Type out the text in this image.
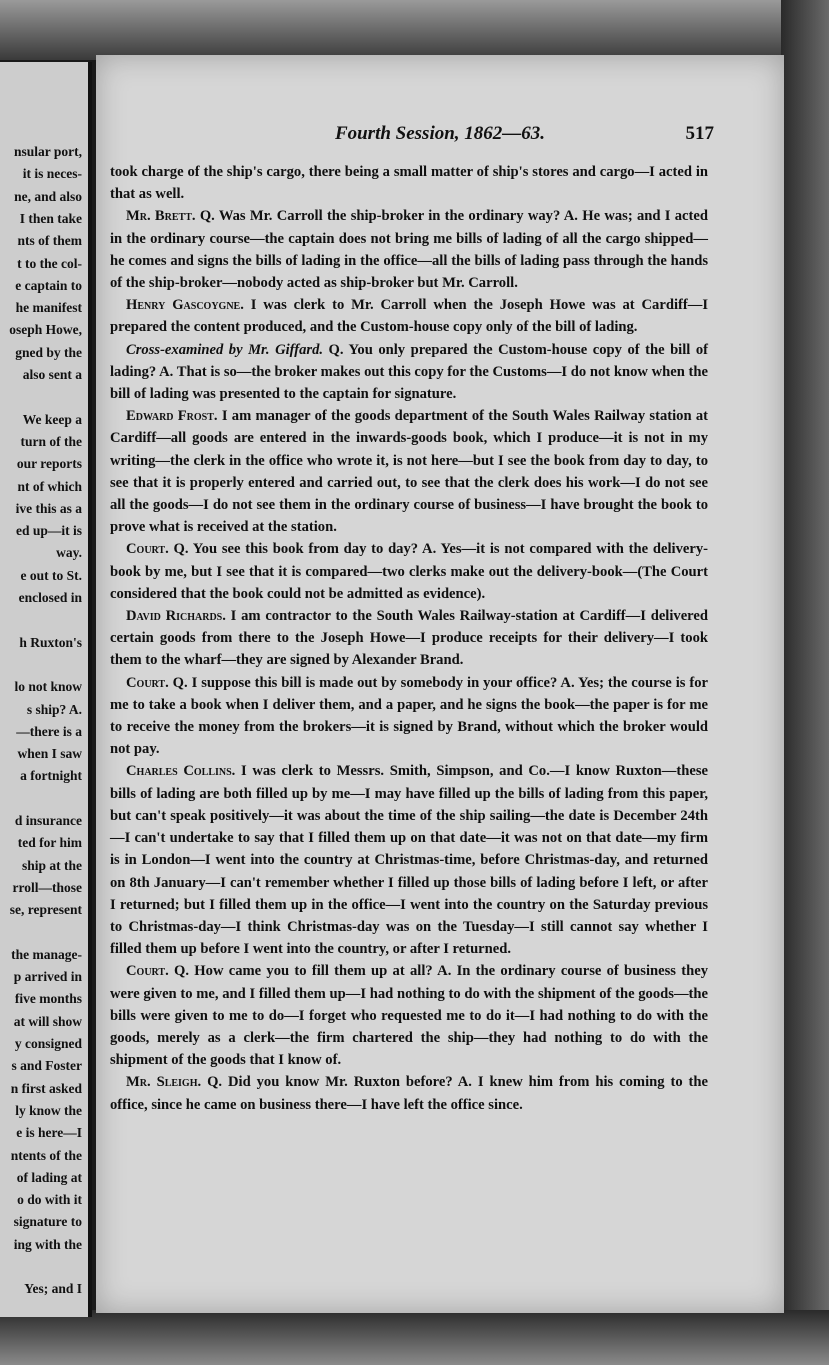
nsular port,
it is neces-
ne, and also
I then take
nts of them
t to the col-
e captain to
he manifest
oseph Howe,
gned by the
also sent a
We keep a
turn of the
our reports
nt of which
ive this as a
ed up—it is
way.
e out to St.
enclosed in
h Ruxton's
lo not know
s ship? A.
—there is a
when I saw
a fortnight
d insurance
ted for him
ship at the
rroll—those
se, represent
the manage-
p arrived in
five months
at will show
y consigned
s and Foster
n first asked
ly know the
e is here—I
ntents of the
of lading at
o do with it
signature to
ing with the
Yes; and I
Fourth Session, 1862—63.	517

took charge of the ship's cargo, there being a small matter of ship's stores and cargo—I acted in that as well.

Mr. Brett. Q. Was Mr. Carroll the ship-broker in the ordinary way? A. He was; and I acted in the ordinary course—the captain does not bring me bills of lading of all the cargo shipped—he comes and signs the bills of lading in the office—all the bills of lading pass through the hands of the ship-broker—nobody acted as ship-broker but Mr. Carroll.

Henry Gascoygne. I was clerk to Mr. Carroll when the Joseph Howe was at Cardiff—I prepared the content produced, and the Custom-house copy only of the bill of lading.

Cross-examined by Mr. Giffard. Q. You only prepared the Custom-house copy of the bill of lading? A. That is so—the broker makes out this copy for the Customs—I do not know when the bill of lading was presented to the captain for signature.

Edward Frost. I am manager of the goods department of the South Wales Railway station at Cardiff—all goods are entered in the inwards-goods book, which I produce—it is not in my writing—the clerk in the office who wrote it, is not here—but I see the book from day to day, to see that it is properly entered and carried out, to see that the clerk does his work—I do not see all the goods—I do not see them in the ordinary course of business—I have brought the book to prove what is received at the station.

Court. Q. You see this book from day to day? A. Yes—it is not compared with the delivery-book by me, but I see that it is compared—two clerks make out the delivery-book—(The Court considered that the book could not be admitted as evidence).

David Richards. I am contractor to the South Wales Railway-station at Cardiff—I delivered certain goods from there to the Joseph Howe—I produce receipts for their delivery—I took them to the wharf—they are signed by Alexander Brand.

Court. Q. I suppose this bill is made out by somebody in your office? A. Yes; the course is for me to take a book when I deliver them, and a paper, and he signs the book—the paper is for me to receive the money from the brokers—it is signed by Brand, without which the broker would not pay.

Charles Collins. I was clerk to Messrs. Smith, Simpson, and Co.—I know Ruxton—these bills of lading are both filled up by me—I may have filled up the bills of lading from this paper, but can't speak positively—it was about the time of the ship sailing—the date is December 24th—I can't undertake to say that I filled them up on that date—it was not on that date—my firm is in London—I went into the country at Christmas-time, before Christmas-day, and returned on 8th January—I can't remember whether I filled up those bills of lading before I left, or after I returned; but I filled them up in the office—I went into the country on the Saturday previous to Christmas-day—I think Christmas-day was on the Tuesday—I still cannot say whether I filled them up before I went into the country, or after I returned.

Court. Q. How came you to fill them up at all? A. In the ordinary course of business they were given to me, and I filled them up—I had nothing to do with the shipment of the goods—the bills were given to me to do—I forget who requested me to do it—I had nothing to do with the goods, merely as a clerk—the firm chartered the ship—they had nothing to do with the shipment of the goods that I know of.

Mr. Sleigh. Q. Did you know Mr. Ruxton before? A. I knew him from his coming to the office, since he came on business there—I have left the office since.
